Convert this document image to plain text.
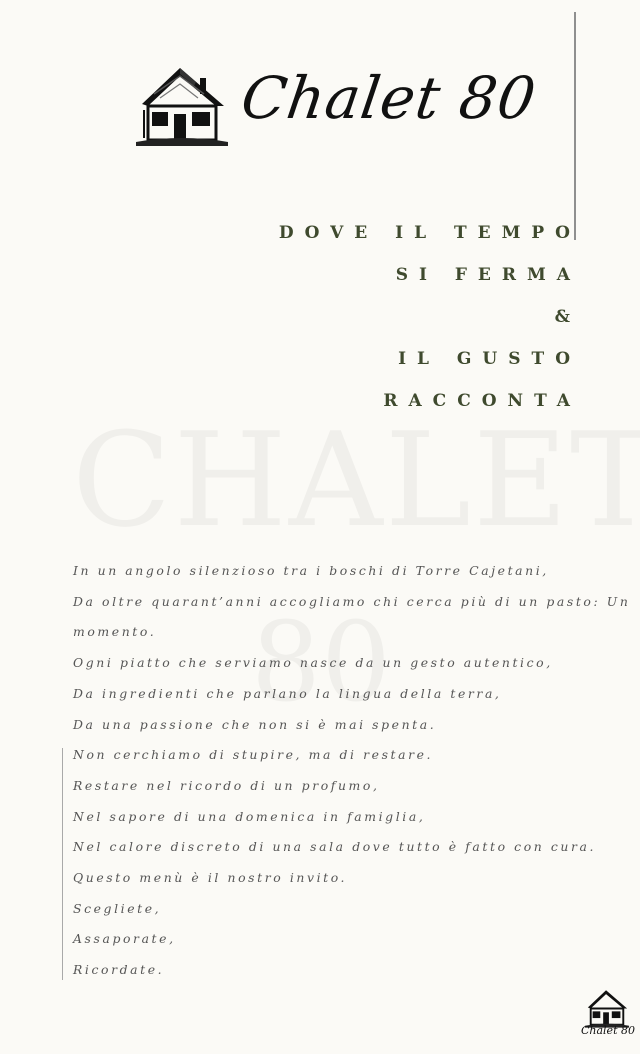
Chalet 80
DOVE IL TEMPO
SI FERMA
&
IL GUSTO
RACCONTA

In un angolo silenzioso tra i boschi di Torre Cajetani,

Da oltre quarant’anni accogliamo chi cerca più di un pasto: Un

momento.

Ogni piatto che serviamo nasce da un gesto autentico,

Da ingredienti che parlano la lingua della terra,

Da una passione che non si è mai spenta.

Non cerchiamo di stupire, ma di restare.

Restare nel ricordo di un profumo,

Nel sapore di una domenica in famiglia,

Nel calore discreto di una sala dove tutto è fatto con cura.

Questo menù è il nostro invito.

Scegliete,

Assaporate,

Ricordate.

Chalet 80
